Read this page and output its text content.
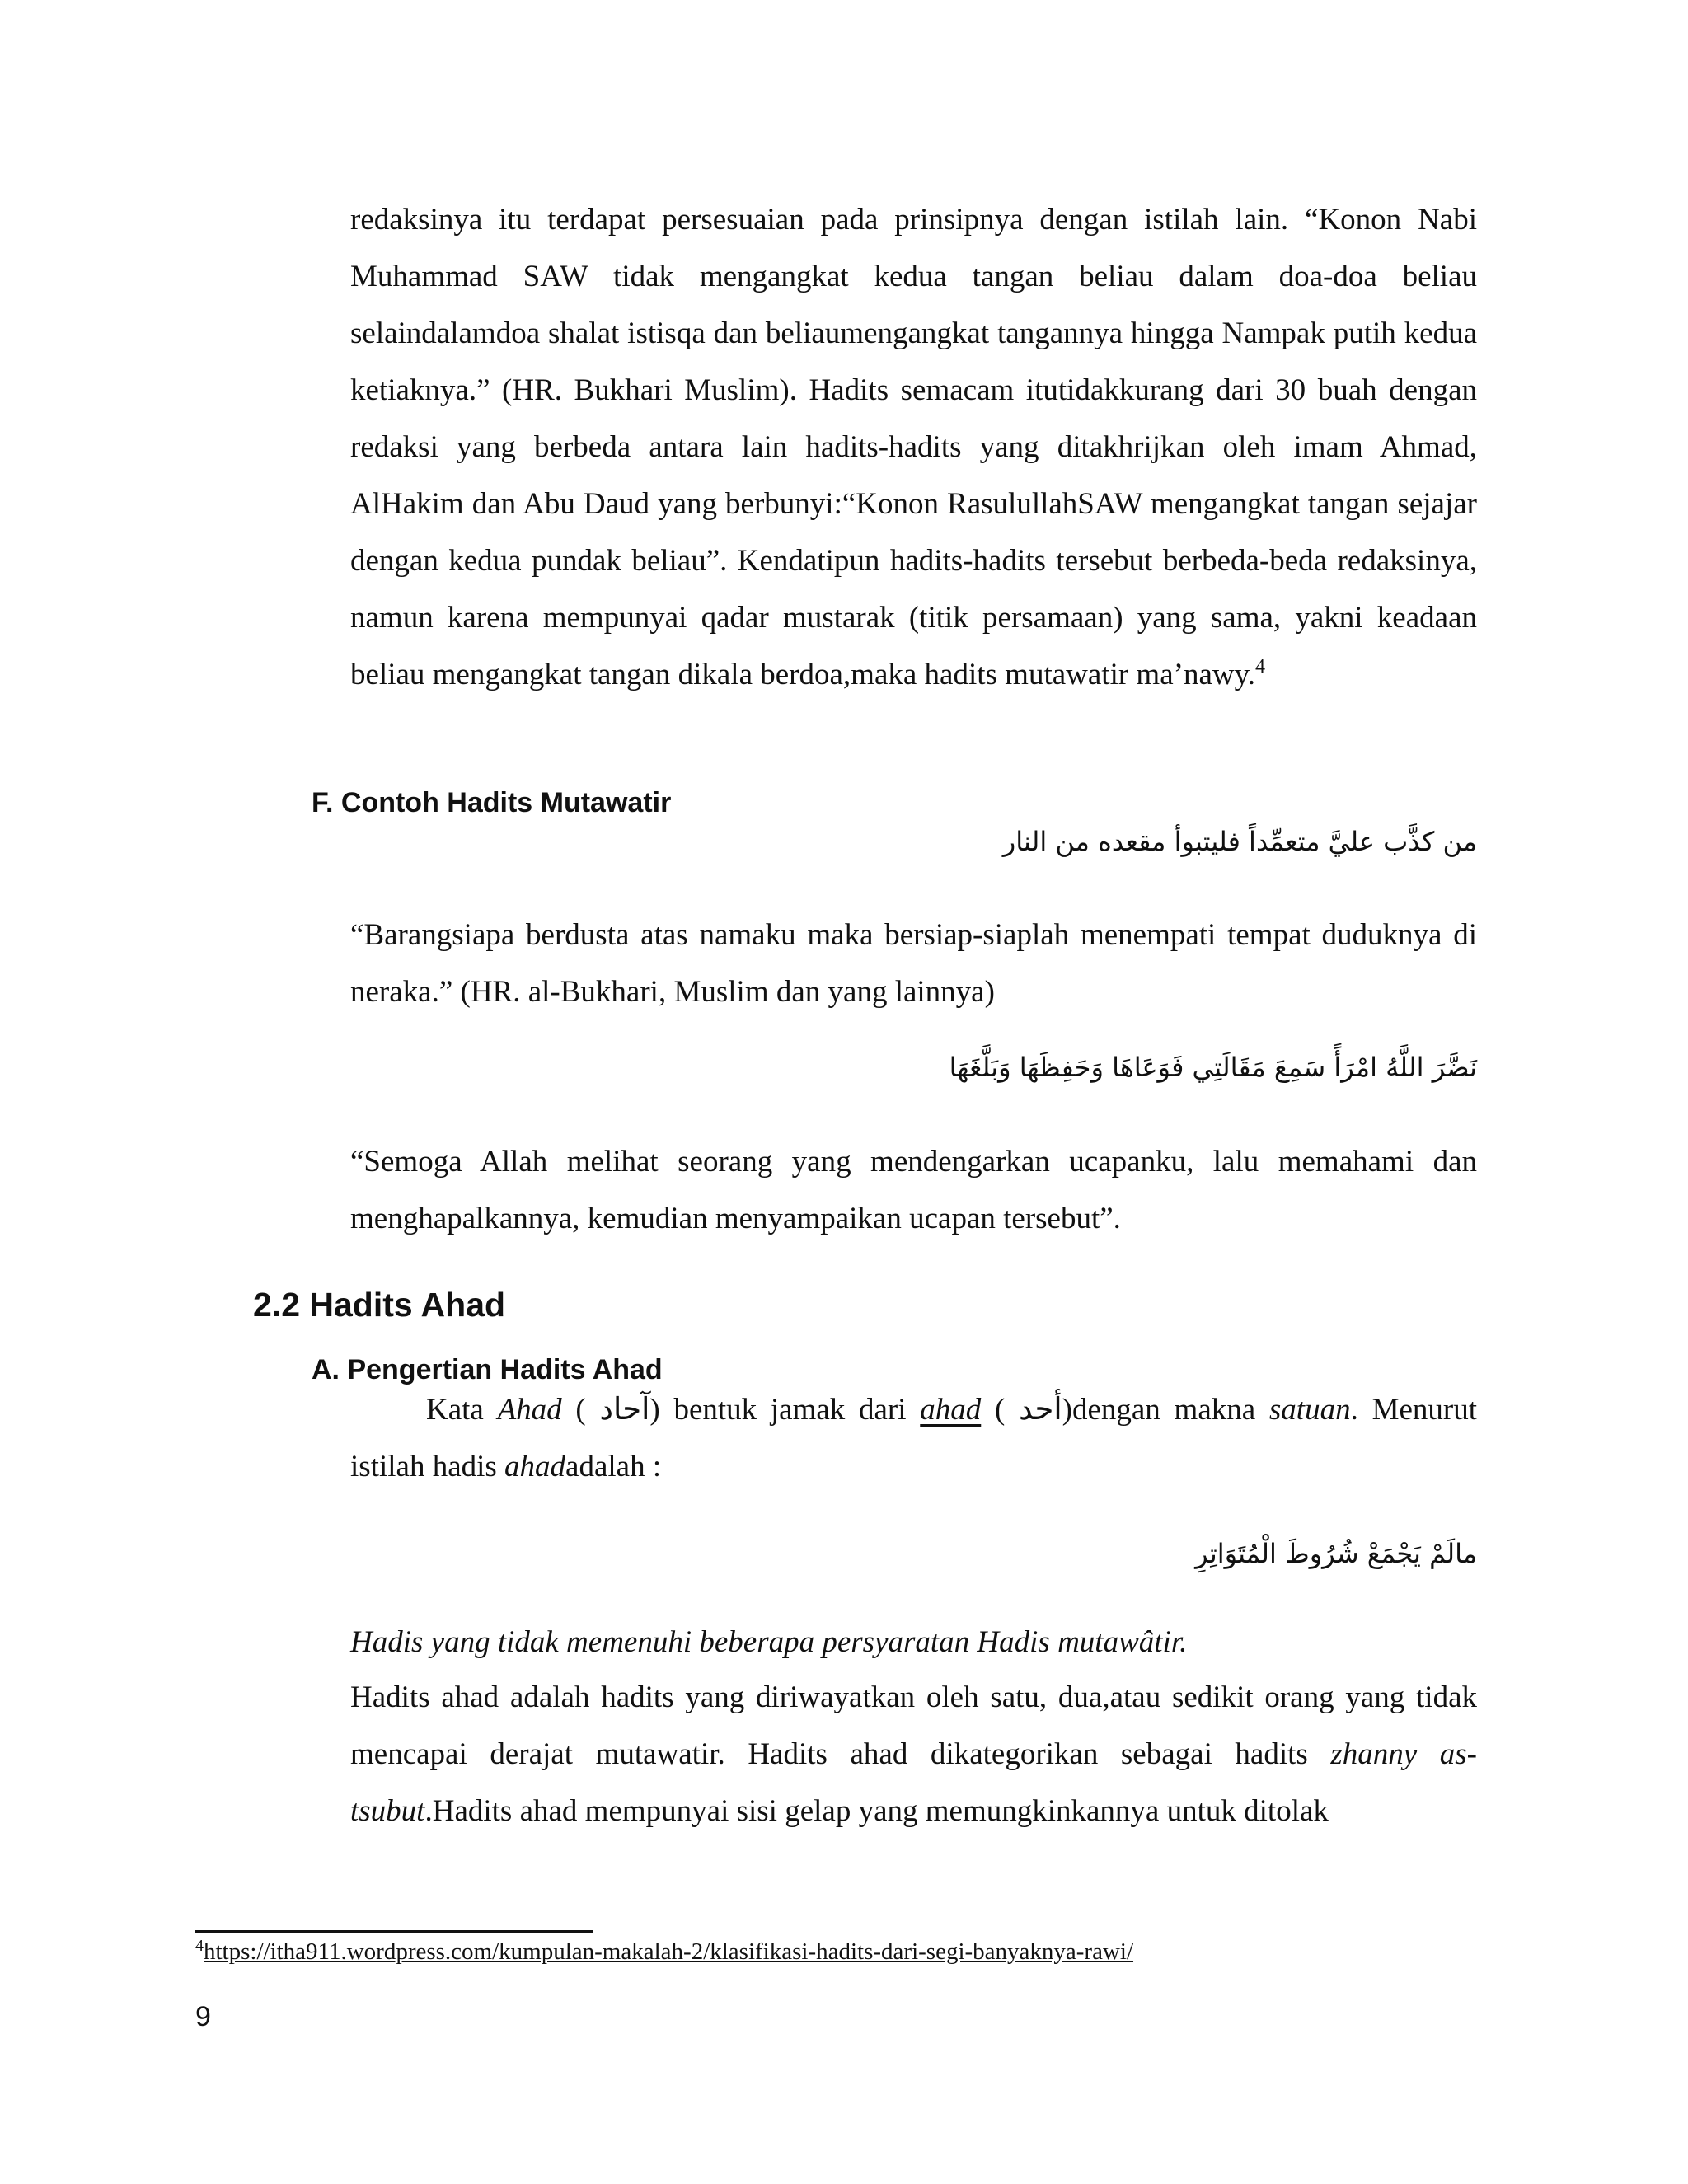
redaksinya itu terdapat persesuaian pada prinsipnya dengan istilah lain. “Konon Nabi Muhammad SAW tidak mengangkat kedua tangan beliau dalam doa-doa beliau selaindalamdoa shalat istisqa dan beliaumengangkat tangannya hingga Nampak putih kedua ketiaknya.” (HR. Bukhari Muslim). Hadits semacam itutidakkurang dari 30 buah dengan redaksi yang berbeda antara lain hadits-hadits yang ditakhrijkan oleh imam Ahmad, AlHakim dan Abu Daud yang berbunyi:“Konon RasulullahSAW mengangkat tangan sejajar dengan kedua pundak beliau”. Kendatipun hadits-hadits tersebut berbeda-beda redaksinya, namun karena mempunyai qadar mustarak (titik persamaan) yang sama, yakni keadaan beliau mengangkat tangan dikala berdoa,maka hadits mutawatir ma’nawy.$^4$

F. Contoh Hadits Mutawatir

من كذَّب عليَّ متعمِّداً فليتبوأ مقعده من النار

“Barangsiapa berdusta atas namaku maka bersiap-siaplah menempati tempat duduknya di neraka.” (HR. al-Bukhari, Muslim dan yang lainnya)

نَضَّرَ اللَّهُ امْرَأً سَمِعَ مَقَالَتِي فَوَعَاهَا وَحَفِظَهَا وَبَلَّغَهَا

“Semoga Allah melihat seorang yang mendengarkan ucapanku, lalu memahami dan menghapalkannya, kemudian menyampaikan ucapan tersebut”.

2.2 Hadits Ahad
A. Pengertian Hadits Ahad

Kata Ahad ( آحاد) bentuk jamak dari ahad ( أحد)dengan makna satuan. Menurut istilah hadis ahadadalah :

مالَمْ يَجْمَعْ شُرُوطَ الْمُتَوَاتِرِ

Hadis yang tidak memenuhi beberapa persyaratan Hadis mutawâtir.

Hadits ahad adalah hadits yang diriwayatkan oleh satu, dua,atau sedikit orang yang tidak mencapai derajat mutawatir. Hadits ahad dikategorikan sebagai hadits zhanny as-tsubut.Hadits ahad mempunyai sisi gelap yang memungkinkannya untuk ditolak

$^4$https://itha911.wordpress.com/kumpulan-makalah-2/klasifikasi-hadits-dari-segi-banyaknya-rawi/

9
